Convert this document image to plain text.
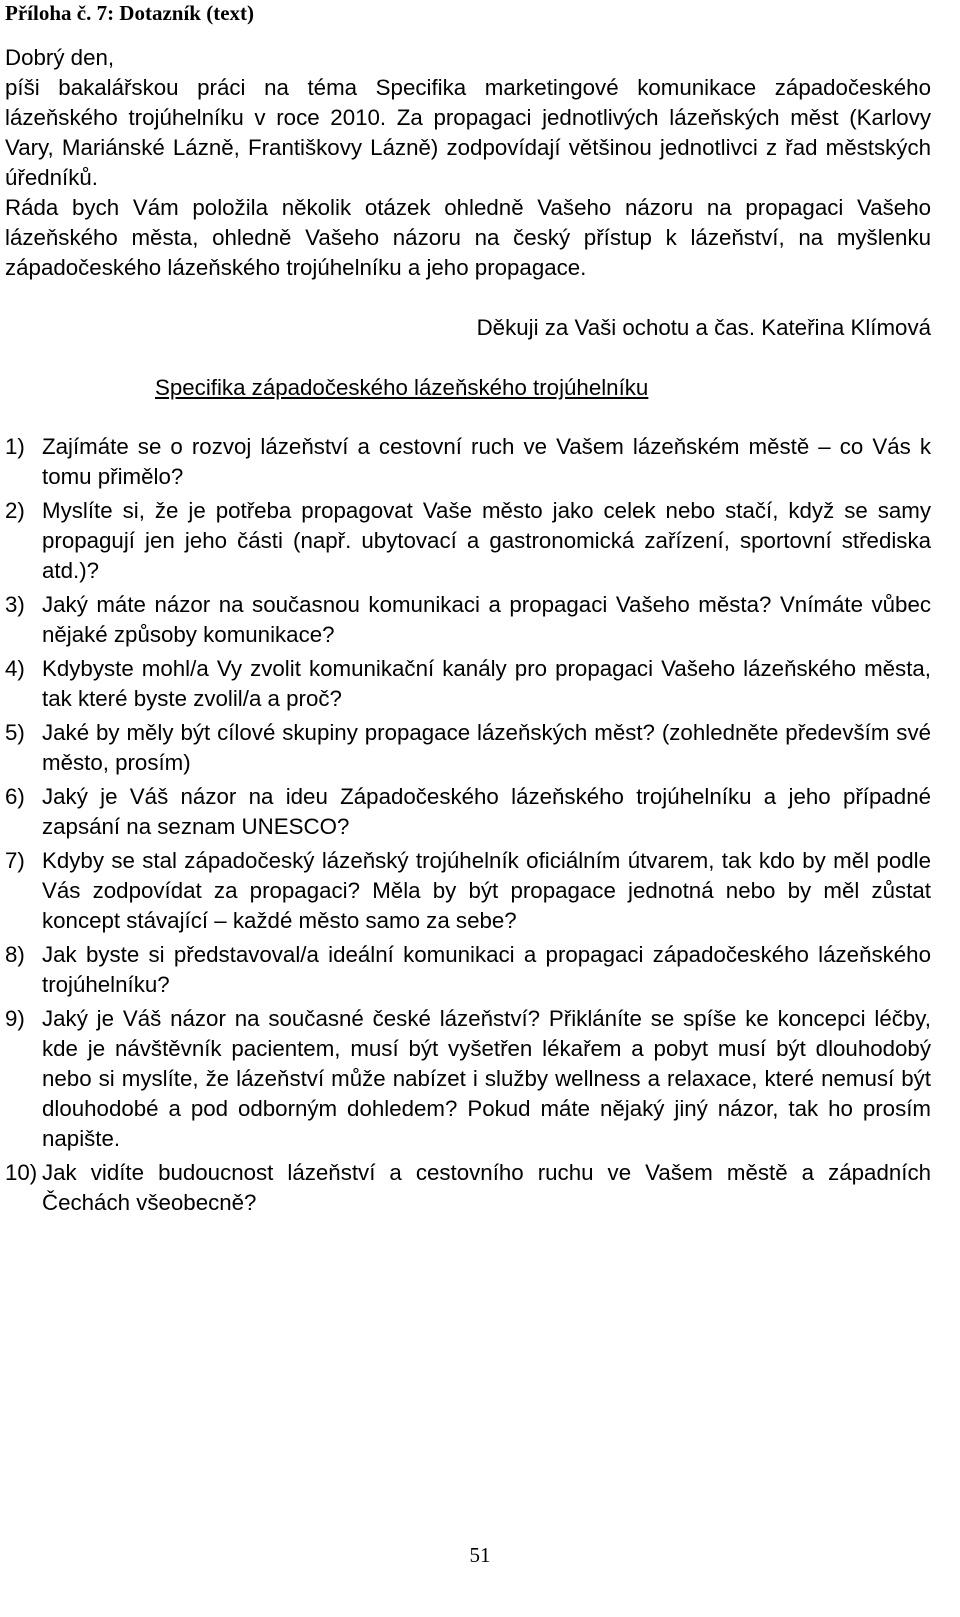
Příloha č. 7: Dotazník (text)
Dobrý den,

píši bakalářskou práci na téma Specifika marketingové komunikace západočeského lázeňského trojúhelníku v roce 2010. Za propagaci jednotlivých lázeňských měst (Karlovy Vary, Mariánské Lázně, Františkovy Lázně) zodpovídají většinou jednotlivci z řad městských úředníků.

Ráda bych Vám položila několik otázek ohledně Vašeho názoru na propagaci Vašeho lázeňského města, ohledně Vašeho názoru na český přístup k lázeňství, na myšlenku západočeského lázeňského trojúhelníku a jeho propagace.

Děkuji za Vaši ochotu a čas. Kateřina Klímová
Specifika západočeského lázeňského trojúhelníku
1) Zajímáte se o rozvoj lázeňství a cestovní ruch ve Vašem lázeňském městě – co Vás k tomu přimělo?
2) Myslíte si, že je potřeba propagovat Vaše město jako celek nebo stačí, když se samy propagují jen jeho části (např. ubytovací a gastronomická zařízení, sportovní střediska atd.)?
3) Jaký máte názor na současnou komunikaci a propagaci Vašeho města? Vnímáte vůbec nějaké způsoby komunikace?
4) Kdybyste mohl/a Vy zvolit komunikační kanály pro propagaci Vašeho lázeňského města, tak které byste zvolil/a a proč?
5) Jaké by měly být cílové skupiny propagace lázeňských měst? (zohledněte především své město, prosím)
6) Jaký je Váš názor na ideu Západočeského lázeňského trojúhelníku a jeho případné zapsání na seznam UNESCO?
7) Kdyby se stal západočeský lázeňský trojúhelník oficiálním útvarem, tak kdo by měl podle Vás zodpovídat za propagaci? Měla by být propagace jednotná nebo by měl zůstat koncept stávající – každé město samo za sebe?
8) Jak byste si představoval/a ideální komunikaci a propagaci západočeského lázeňského trojúhelníku?
9) Jaký je Váš názor na současné české lázeňství? Přikláníte se spíše ke koncepci léčby, kde je návštěvník pacientem, musí být vyšetřen lékařem a pobyt musí být dlouhodobý nebo si myslíte, že lázeňství může nabízet i služby wellness a relaxace, které nemusí být dlouhodobé a pod odborným dohledem? Pokud máte nějaký jiný názor, tak ho prosím napište.
10) Jak vidíte budoucnost lázeňství a cestovního ruchu ve Vašem městě a západních Čechách všeobecně?
51
